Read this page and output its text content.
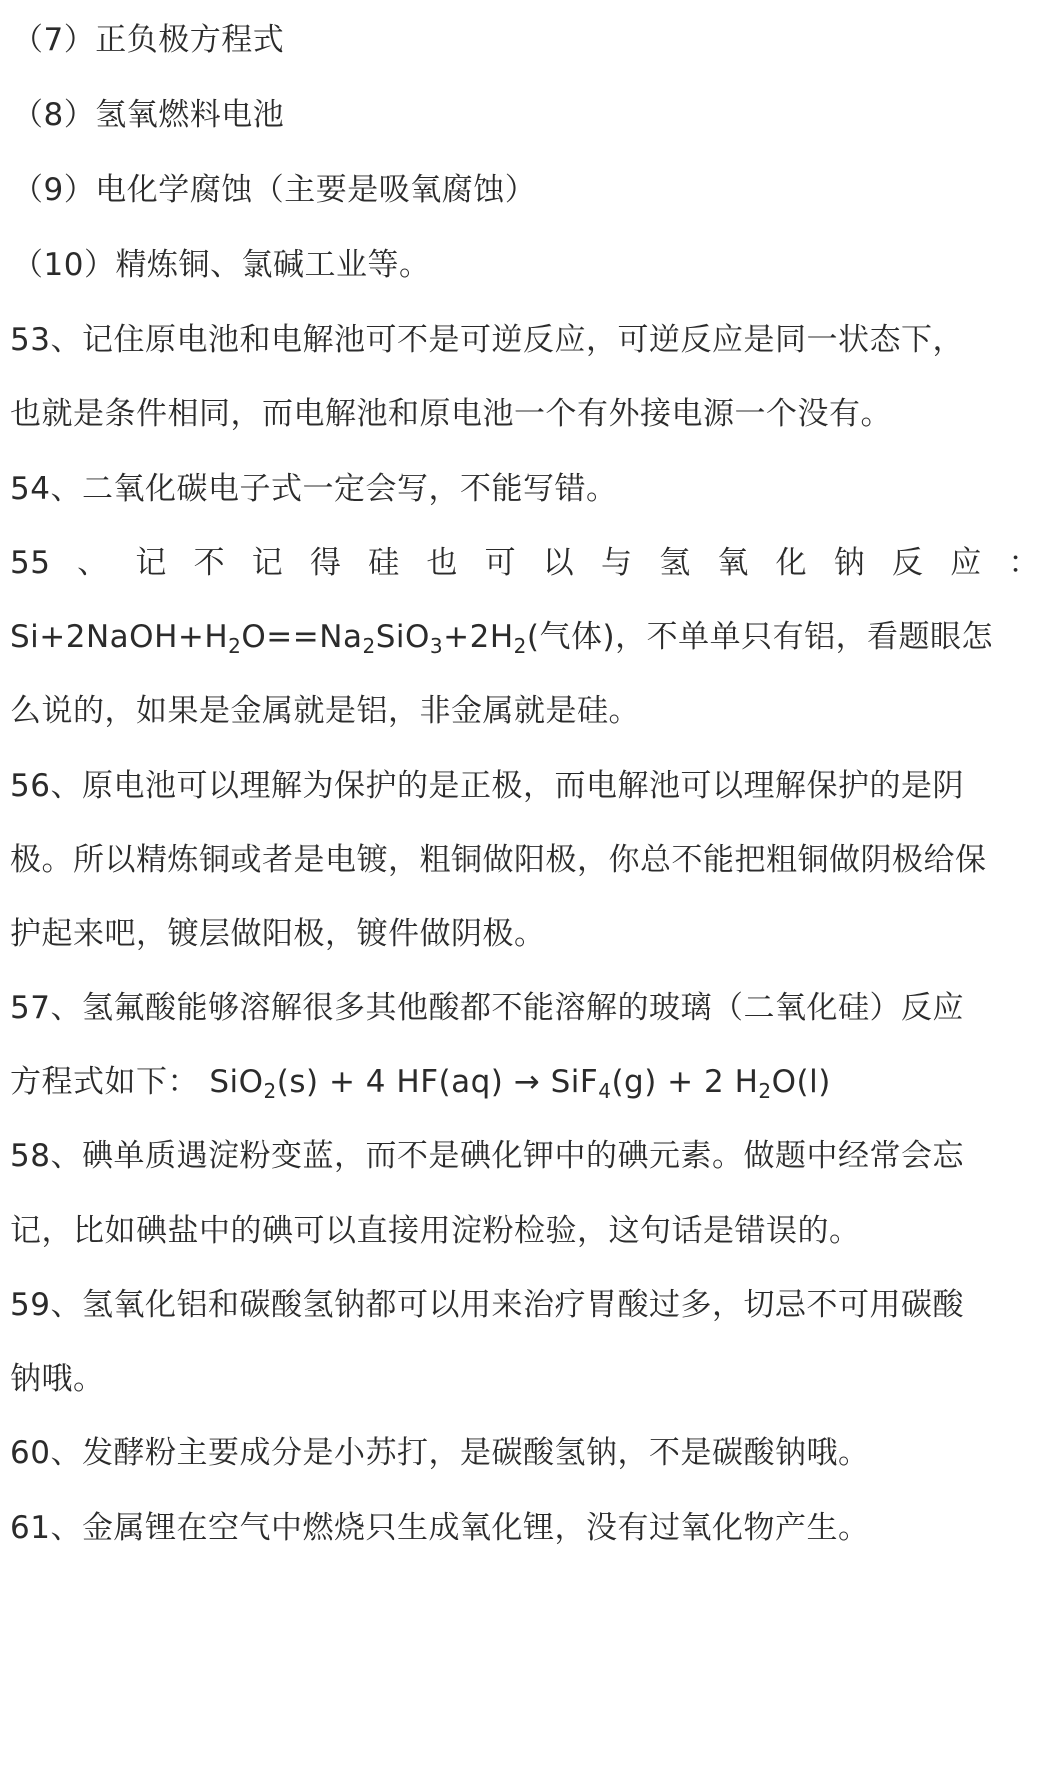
（7）正负极方程式
（8）氢氧燃料电池
（9）电化学腐蚀（主要是吸氧腐蚀）
（10）精炼铜、氯碱工业等。
53、记住原电池和电解池可不是可逆反应，可逆反应是同一状态下，
也就是条件相同，而电解池和原电池一个有外接电源一个没有。
54、二氧化碳电子式一定会写，不能写错。
55 、 记 不 记 得 硅 也 可 以 与 氢 氧 化 钠 反 应 ：
$Si+2NaOH+H_2O==Na_2SiO_3+2H_2$(气体)，不单单只有铝，看题眼怎
么说的，如果是金属就是铝，非金属就是硅。
56、原电池可以理解为保护的是正极，而电解池可以理解保护的是阴
极。所以精炼铜或者是电镀，粗铜做阳极，你总不能把粗铜做阴极给保
护起来吧，镀层做阳极，镀件做阴极。
57、氢氟酸能够溶解很多其他酸都不能溶解的玻璃（二氧化硅）反应
方程式如下： SiO$_2$(s) + 4 HF(aq) → SiF$_4$(g) + 2 $H_2O(l)$
58、碘单质遇淀粉变蓝，而不是碘化钾中的碘元素。做题中经常会忘
记，比如碘盐中的碘可以直接用淀粉检验，这句话是错误的。
59、氢氧化铝和碳酸氢钠都可以用来治疗胃酸过多，切忌不可用碳酸
钠哦。
60、发酵粉主要成分是小苏打，是碳酸氢钠，不是碳酸钠哦。
61、金属锂在空气中燃烧只生成氧化锂，没有过氧化物产生。
